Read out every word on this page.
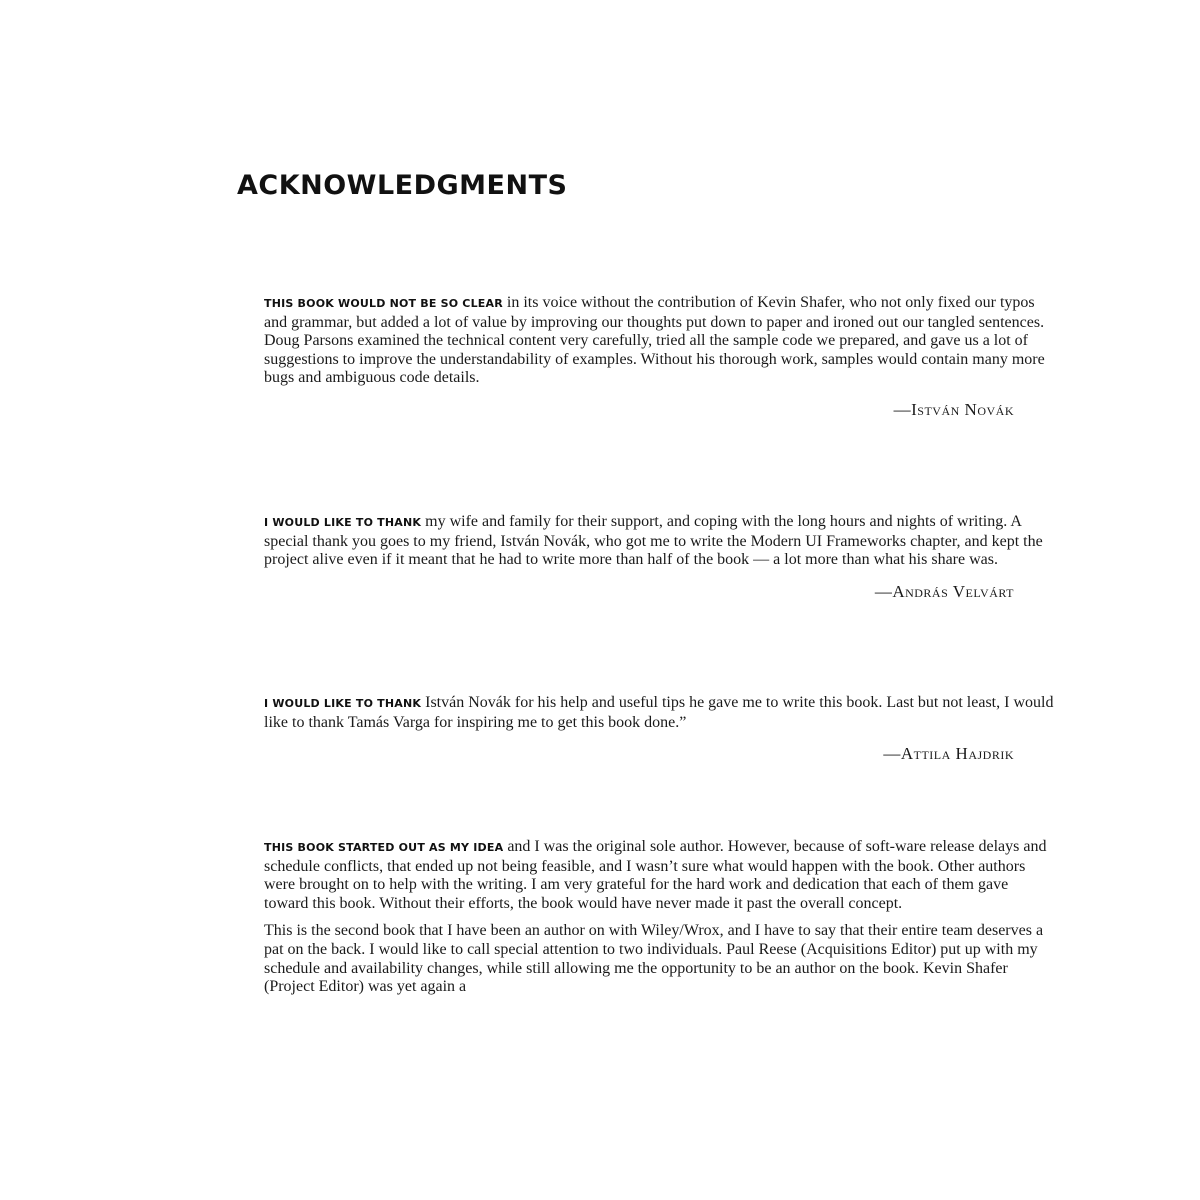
ACKNOWLEDGMENTS

THIS BOOK WOULD NOT BE SO CLEAR in its voice without the contribution of Kevin Shafer, who not only fixed our typos and grammar, but added a lot of value by improving our thoughts put down to paper and ironed out our tangled sentences. Doug Parsons examined the technical content very carefully, tried all the sample code we prepared, and gave us a lot of suggestions to improve the understandability of examples. Without his thorough work, samples would contain many more bugs and ambiguous code details.

—István Novák

I WOULD LIKE TO THANK my wife and family for their support, and coping with the long hours and nights of writing. A special thank you goes to my friend, István Novák, who got me to write the Modern UI Frameworks chapter, and kept the project alive even if it meant that he had to write more than half of the book — a lot more than what his share was.

—András Velvárt

I WOULD LIKE TO THANK István Novák for his help and useful tips he gave me to write this book. Last but not least, I would like to thank Tamás Varga for inspiring me to get this book done.”

—Attila Hajdrik

THIS BOOK STARTED OUT AS MY IDEA and I was the original sole author. However, because of soft-ware release delays and schedule conflicts, that ended up not being feasible, and I wasn’t sure what would happen with the book. Other authors were brought on to help with the writing. I am very grateful for the hard work and dedication that each of them gave toward this book. Without their efforts, the book would have never made it past the overall concept.

This is the second book that I have been an author on with Wiley/Wrox, and I have to say that their entire team deserves a pat on the back. I would like to call special attention to two individuals. Paul Reese (Acquisitions Editor) put up with my schedule and availability changes, while still allowing me the opportunity to be an author on the book. Kevin Shafer (Project Editor) was yet again a
